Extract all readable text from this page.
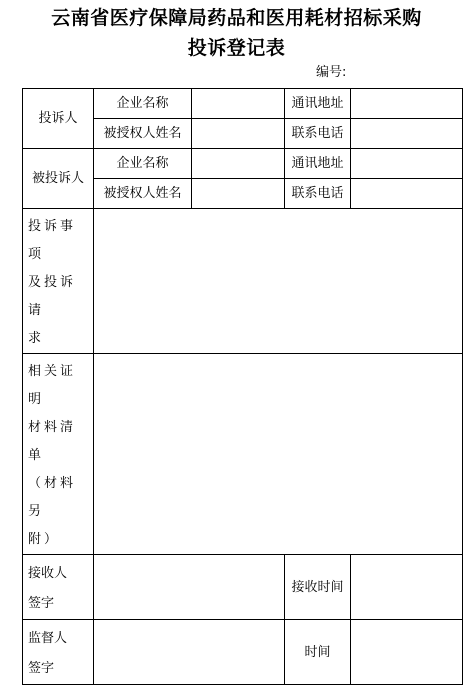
云南省医疗保障局药品和医用耗材招标采购
投诉登记表
编号:
投诉人	企业名称		通讯地址	
	被授权人姓名		联系电话	
被投诉人	企业名称		通讯地址	
	被授权人姓名		联系电话	

投诉事项
及投诉请
求				

相关证明
材料清单
（材料另
附）				

接收人
签字			接收时间	

监督人
签字			时间	
